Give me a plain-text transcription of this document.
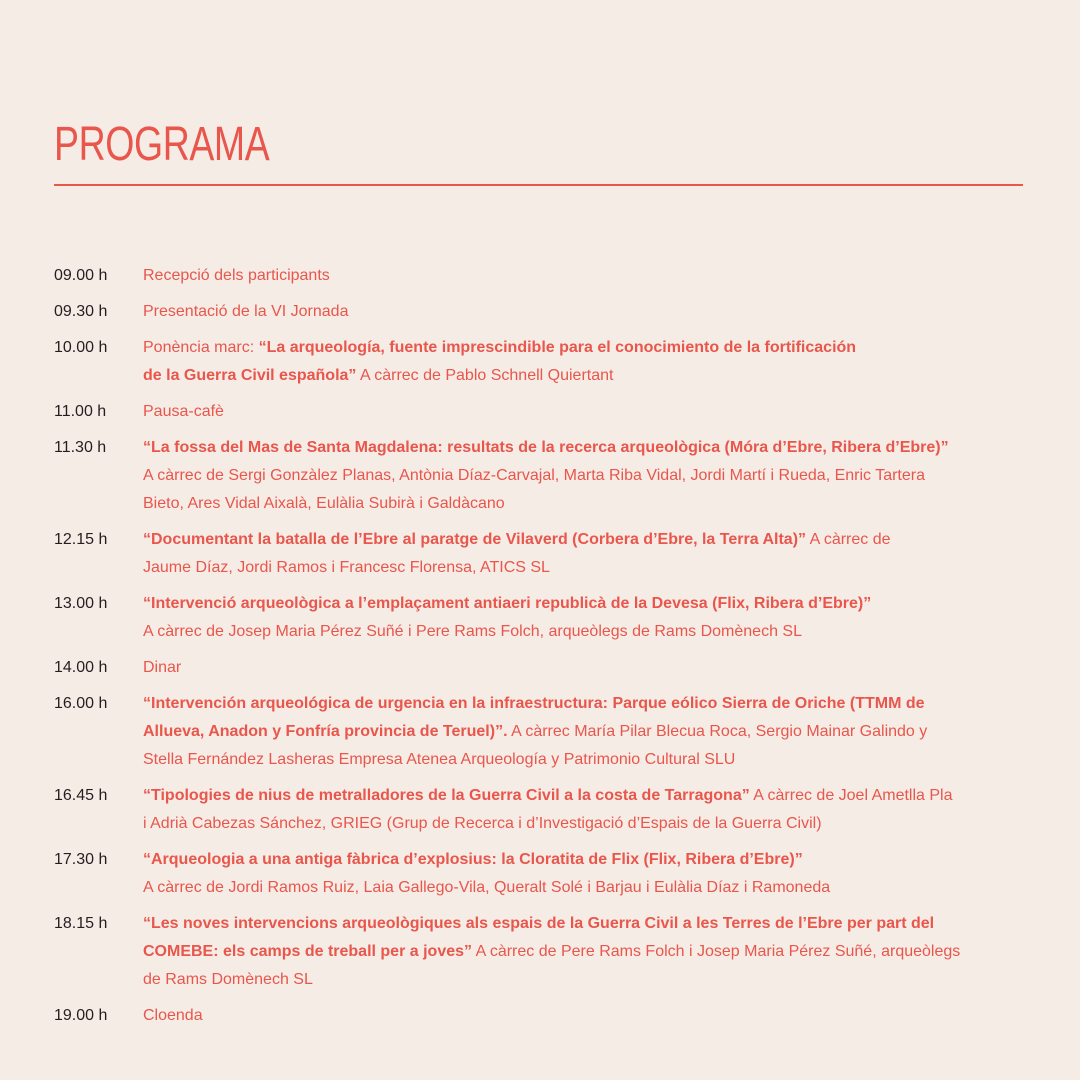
PROGRAMA
09.00 h	Recepció dels participants
09.30 h	Presentació de la VI Jornada
10.00 h	Ponència marc: “La arqueología, fuente imprescindible para el conocimiento de la fortificación
de la Guerra Civil española” A càrrec de Pablo Schnell Quiertant
11.00 h	Pausa-cafè
11.30 h	“La fossa del Mas de Santa Magdalena: resultats de la recerca arqueològica (Móra d’Ebre, Ribera d’Ebre)”
A càrrec de Sergi Gonzàlez Planas, Antònia Díaz-Carvajal, Marta Riba Vidal, Jordi Martí i Rueda, Enric Tartera
Bieto, Ares Vidal Aixalà, Eulàlia Subirà i Galdàcano
12.15 h	“Documentant la batalla de l’Ebre al paratge de Vilaverd (Corbera d’Ebre, la Terra Alta)” A càrrec de
Jaume Díaz, Jordi Ramos i Francesc Florensa, ATICS SL
13.00 h	“Intervenció arqueològica a l’emplaçament antiaeri republicà de la Devesa (Flix, Ribera d’Ebre)”
A càrrec de Josep Maria Pérez Suñé i Pere Rams Folch, arqueòlegs de Rams Domènech SL
14.00 h	Dinar
16.00 h	“Intervención arqueológica de urgencia en la infraestructura: Parque eólico Sierra de Oriche (TTMM de
Allueva, Anadon y Fonfría provincia de Teruel)”. A càrrec María Pilar Blecua Roca, Sergio Mainar Galindo y
Stella Fernández Lasheras Empresa Atenea Arqueología y Patrimonio Cultural SLU
16.45 h	“Tipologies de nius de metralladores de la Guerra Civil a la costa de Tarragona” A càrrec de Joel Ametlla Pla
i Adrià Cabezas Sánchez, GRIEG (Grup de Recerca i d’Investigació d’Espais de la Guerra Civil)
17.30 h	“Arqueologia a una antiga fàbrica d’explosius: la Cloratita de Flix (Flix, Ribera d’Ebre)”
A càrrec de Jordi Ramos Ruiz, Laia Gallego-Vila, Queralt Solé i Barjau i Eulàlia Díaz i Ramoneda
18.15 h	“Les noves intervencions arqueològiques als espais de la Guerra Civil a les Terres de l’Ebre per part del
COMEBE: els camps de treball per a joves” A càrrec de Pere Rams Folch i Josep Maria Pérez Suñé, arqueòlegs
de Rams Domènech SL
19.00 h	Cloenda
